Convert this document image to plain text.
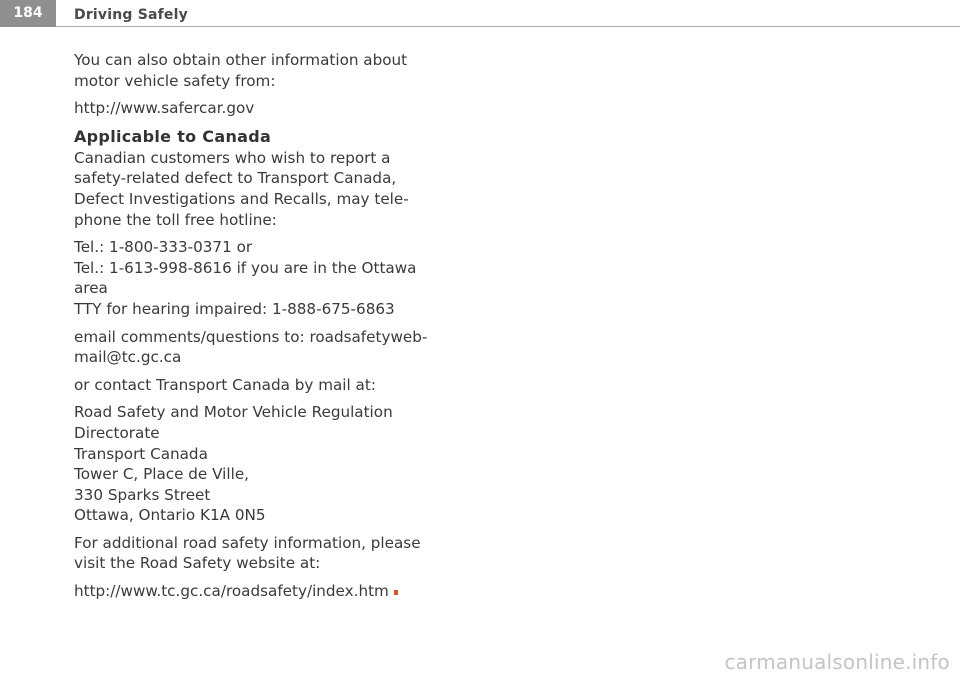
184	Driving Safely

You can also obtain other information about
motor vehicle safety from:

http://www.safercar.gov

Applicable to Canada

Canadian customers who wish to report a
safety-related defect to Transport Canada,
Defect Investigations and Recalls, may tele-
phone the toll free hotline:

Tel.: 1-800-333-0371 or
Tel.: 1-613-998-8616 if you are in the Ottawa
area
TTY for hearing impaired: 1-888-675-6863

email comments/questions to: roadsafetyweb-
mail@tc.gc.ca

or contact Transport Canada by mail at:

Road Safety and Motor Vehicle Regulation
Directorate
Transport Canada
Tower C, Place de Ville,
330 Sparks Street
Ottawa, Ontario K1A 0N5

For additional road safety information, please
visit the Road Safety website at:

http://www.tc.gc.ca/roadsafety/index.htm

carmanualsonline.info
